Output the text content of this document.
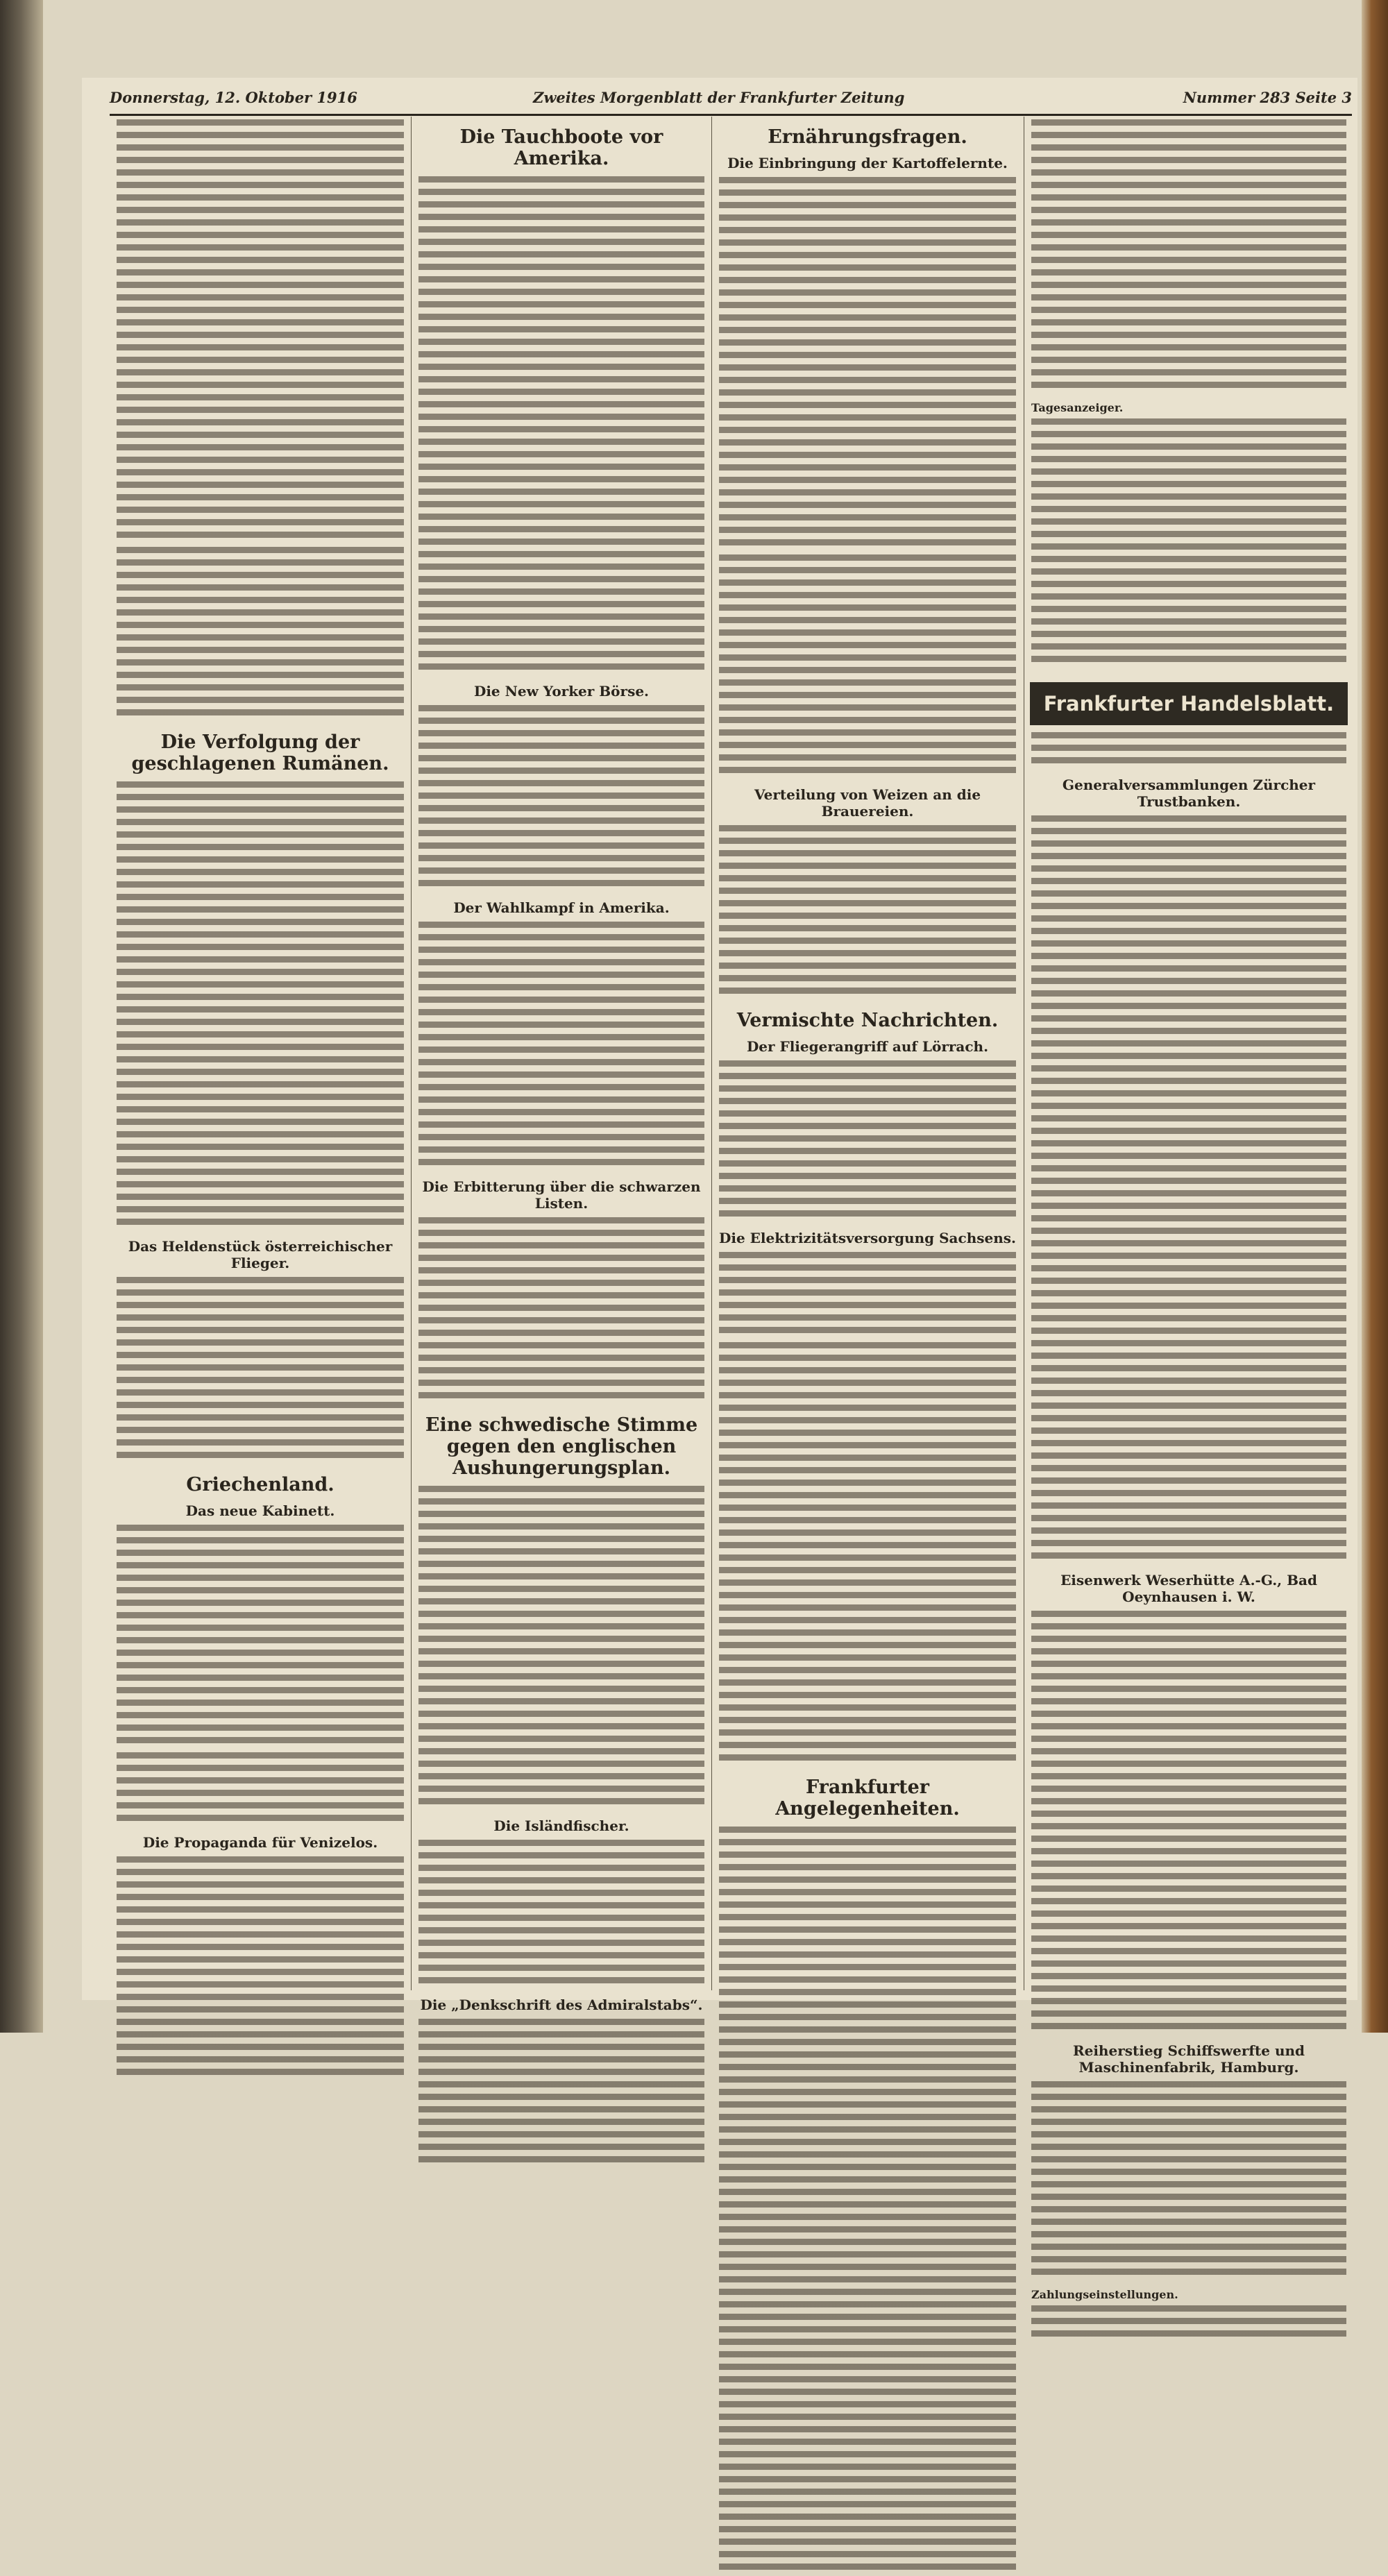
Donnerstag, 12. Oktober 1916	Zweites Morgenblatt der Frankfurter Zeitung	Nummer 283 Seite 3
Die Verfolgung der geschlagenen Rumänen.
Das Heldenstück österreichischer Flieger.
Griechenland.
Das neue Kabinett.
Die Propaganda für Venizelos.
Die Tauchboote vor Amerika.
Die New Yorker Börse.
Der Wahlkampf in Amerika.
Die Erbitterung über die schwarzen Listen.
Eine schwedische Stimme gegen den englischen Aushungerungsplan.
Die Isländfischer.
Die „Denkschrift des Admiralstabs“.
Ernährungsfragen.
Die Einbringung der Kartoffelernte.
Verteilung von Weizen an die Brauereien.
Vermischte Nachrichten.
Der Fliegerangriff auf Lörrach.
Die Elektrizitätsversorgung Sachsens.
Frankfurter Angelegenheiten.
Tagesanzeiger.
Frankfurter Handelsblatt.
Generalversammlungen Zürcher Trustbanken.
Eisenwerk Weserhütte A.-G., Bad Oeynhausen i. W.
Reiherstieg Schiffswerfte und Maschinenfabrik, Hamburg.
Zahlungseinstellungen.
